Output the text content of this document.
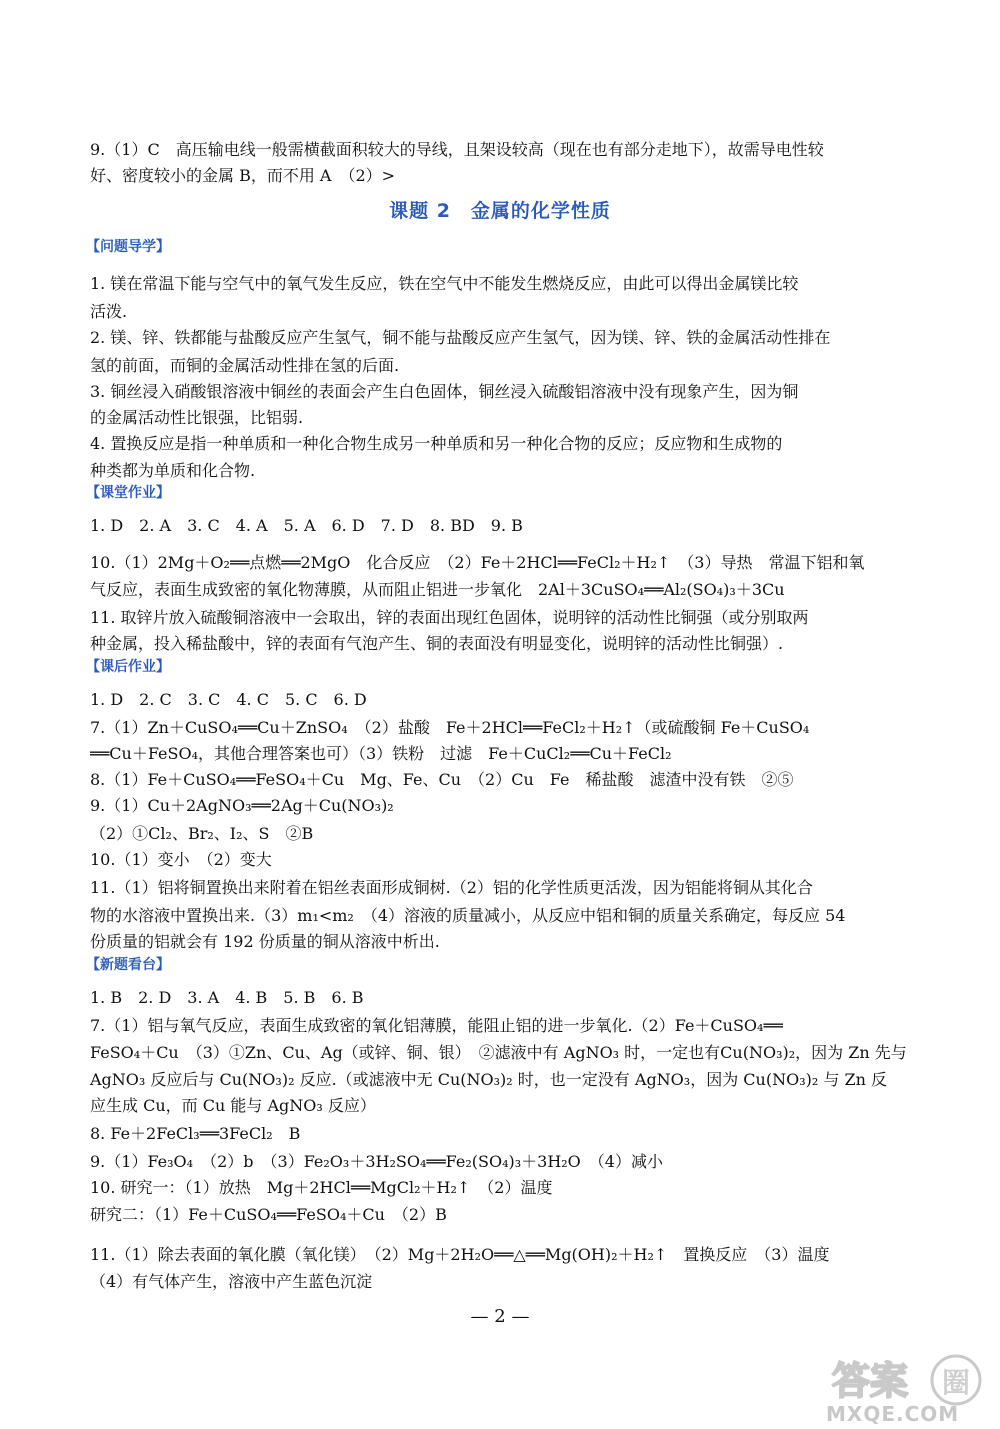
9.（1）C　高压输电线一般需横截面积较大的导线，且架设较高（现在也有部分走地下），故需导电性较
好、密度较小的金属 B，而不用 A　（2）>
课题 2　金属的化学性质
【问题导学】
1. 镁在常温下能与空气中的氧气发生反应，铁在空气中不能发生燃烧反应，由此可以得出金属镁比较
活泼.
2. 镁、锌、铁都能与盐酸反应产生氢气，铜不能与盐酸反应产生氢气，因为镁、锌、铁的金属活动性排在
氢的前面，而铜的金属活动性排在氢的后面.
3. 铜丝浸入硝酸银溶液中铜丝的表面会产生白色固体，铜丝浸入硫酸铝溶液中没有现象产生，因为铜
的金属活动性比银强，比铝弱.
4. 置换反应是指一种单质和一种化合物生成另一种单质和另一种化合物的反应；反应物和生成物的
种类都为单质和化合物.
【课堂作业】
1. D　2. A　3. C　4. A　5. A　6. D　7. D　8. BD　9. B
10.（1）2Mg＋O₂══点燃══2MgO　化合反应　（2）Fe＋2HCl══FeCl₂＋H₂↑　（3）导热　常温下铝和氧
气反应，表面生成致密的氧化物薄膜，从而阻止铝进一步氧化　2Al＋3CuSO₄══Al₂(SO₄)₃＋3Cu
11. 取锌片放入硫酸铜溶液中一会取出，锌的表面出现红色固体，说明锌的活动性比铜强（或分别取两
种金属，投入稀盐酸中，锌的表面有气泡产生、铜的表面没有明显变化，说明锌的活动性比铜强）.
【课后作业】
1. D　2. C　3. C　4. C　5. C　6. D
7.（1）Zn＋CuSO₄══Cu＋ZnSO₄　（2）盐酸　Fe＋2HCl══FeCl₂＋H₂↑（或硫酸铜 Fe＋CuSO₄
══Cu＋FeSO₄，其他合理答案也可）（3）铁粉　过滤　Fe＋CuCl₂══Cu＋FeCl₂
8.（1）Fe＋CuSO₄══FeSO₄＋Cu　Mg、Fe、Cu　（2）Cu　Fe　稀盐酸　滤渣中没有铁　②⑤
9.（1）Cu＋2AgNO₃══2Ag＋Cu(NO₃)₂
（2）①Cl₂、Br₂、I₂、S　②B
10.（1）变小　（2）变大
11.（1）铝将铜置换出来附着在铝丝表面形成铜树.（2）铝的化学性质更活泼，因为铝能将铜从其化合
物的水溶液中置换出来.（3）m₁<m₂　（4）溶液的质量减小，从反应中铝和铜的质量关系确定，每反应 54
份质量的铝就会有 192 份质量的铜从溶液中析出.
【新题看台】
1. B　2. D　3. A　4. B　5. B　6. B
7.（1）铝与氧气反应，表面生成致密的氧化铝薄膜，能阻止铝的进一步氧化.（2）Fe＋CuSO₄══
FeSO₄＋Cu　（3）①Zn、Cu、Ag（或锌、铜、银）　②滤液中有 AgNO₃ 时，一定也有Cu(NO₃)₂，因为 Zn 先与
AgNO₃ 反应后与 Cu(NO₃)₂ 反应.（或滤液中无 Cu(NO₃)₂ 时，也一定没有 AgNO₃，因为 Cu(NO₃)₂ 与 Zn 反
应生成 Cu，而 Cu 能与 AgNO₃ 反应）
8. Fe＋2FeCl₃══3FeCl₂　B
9.（1）Fe₃O₄　（2）b　（3）Fe₂O₃＋3H₂SO₄══Fe₂(SO₄)₃＋3H₂O　（4）减小
10. 研究一：（1）放热　Mg＋2HCl══MgCl₂＋H₂↑　（2）温度
研究二：（1）Fe＋CuSO₄══FeSO₄＋Cu　（2）B
11.（1）除去表面的氧化膜（氧化镁）　（2）Mg＋2H₂O══△══Mg(OH)₂＋H₂↑　置换反应　（3）温度
（4）有气体产生，溶液中产生蓝色沉淀
— 2 —
答案 圈
MXQE.COM
